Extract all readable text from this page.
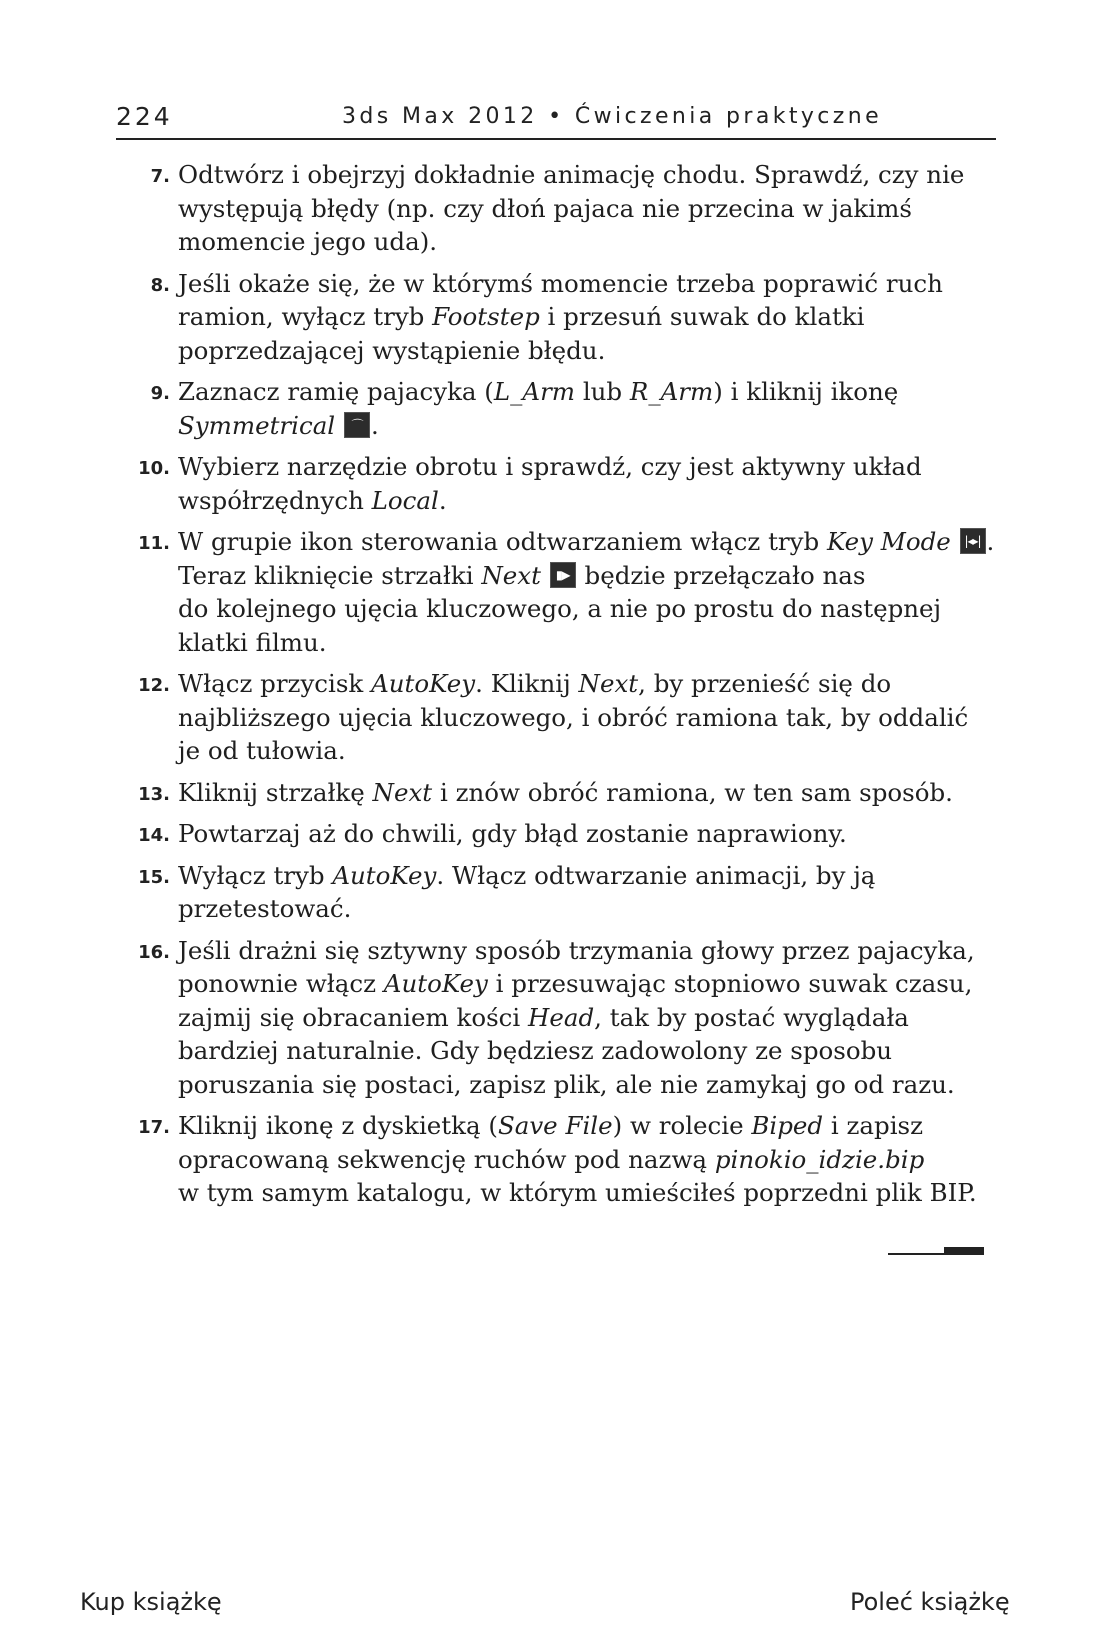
224	3ds Max 2012 • Ćwiczenia praktyczne
7. Odtwórz i obejrzyj dokładnie animację chodu. Sprawdź, czy nie
występują błędy (np. czy dłoń pajaca nie przecina w jakimś
momencie jego uda).
8. Jeśli okaże się, że w którymś momencie trzeba poprawić ruch
ramion, wyłącz tryb Footstep i przesuń suwak do klatki
poprzedzającej wystąpienie błędu.
9. Zaznacz ramię pajacyka (L_Arm lub R_Arm) i kliknij ikonę
Symmetrical	⌒ .
10. Wybierz narzędzie obrotu i sprawdź, czy jest aktywny układ
współrzędnych Local.
11. W grupie ikon sterowania odtwarzaniem włącz tryb Key Mode	|◂▸| .
Teraz kliknięcie strzałki Next	▮▶ będzie przełączało nas
do kolejnego ujęcia kluczowego, a nie po prostu do następnej
klatki filmu.
12. Włącz przycisk AutoKey. Kliknij Next, by przenieść się do
najbliższego ujęcia kluczowego, i obróć ramiona tak, by oddalić
je od tułowia.
13. Kliknij strzałkę Next i znów obróć ramiona, w ten sam sposób.
14. Powtarzaj aż do chwili, gdy błąd zostanie naprawiony.
15. Wyłącz tryb AutoKey. Włącz odtwarzanie animacji, by ją
przetestować.
16. Jeśli drażni się sztywny sposób trzymania głowy przez pajacyka,
ponownie włącz AutoKey i przesuwając stopniowo suwak czasu,
zajmij się obracaniem kości Head, tak by postać wyglądała
bardziej naturalnie. Gdy będziesz zadowolony ze sposobu
poruszania się postaci, zapisz plik, ale nie zamykaj go od razu.
17. Kliknij ikonę z dyskietką (Save File) w rolecie Biped i zapisz
opracowaną sekwencję ruchów pod nazwą pinokio_idzie.bip
w tym samym katalogu, w którym umieściłeś poprzedni plik BIP.
Kup książkę	Poleć książkę
